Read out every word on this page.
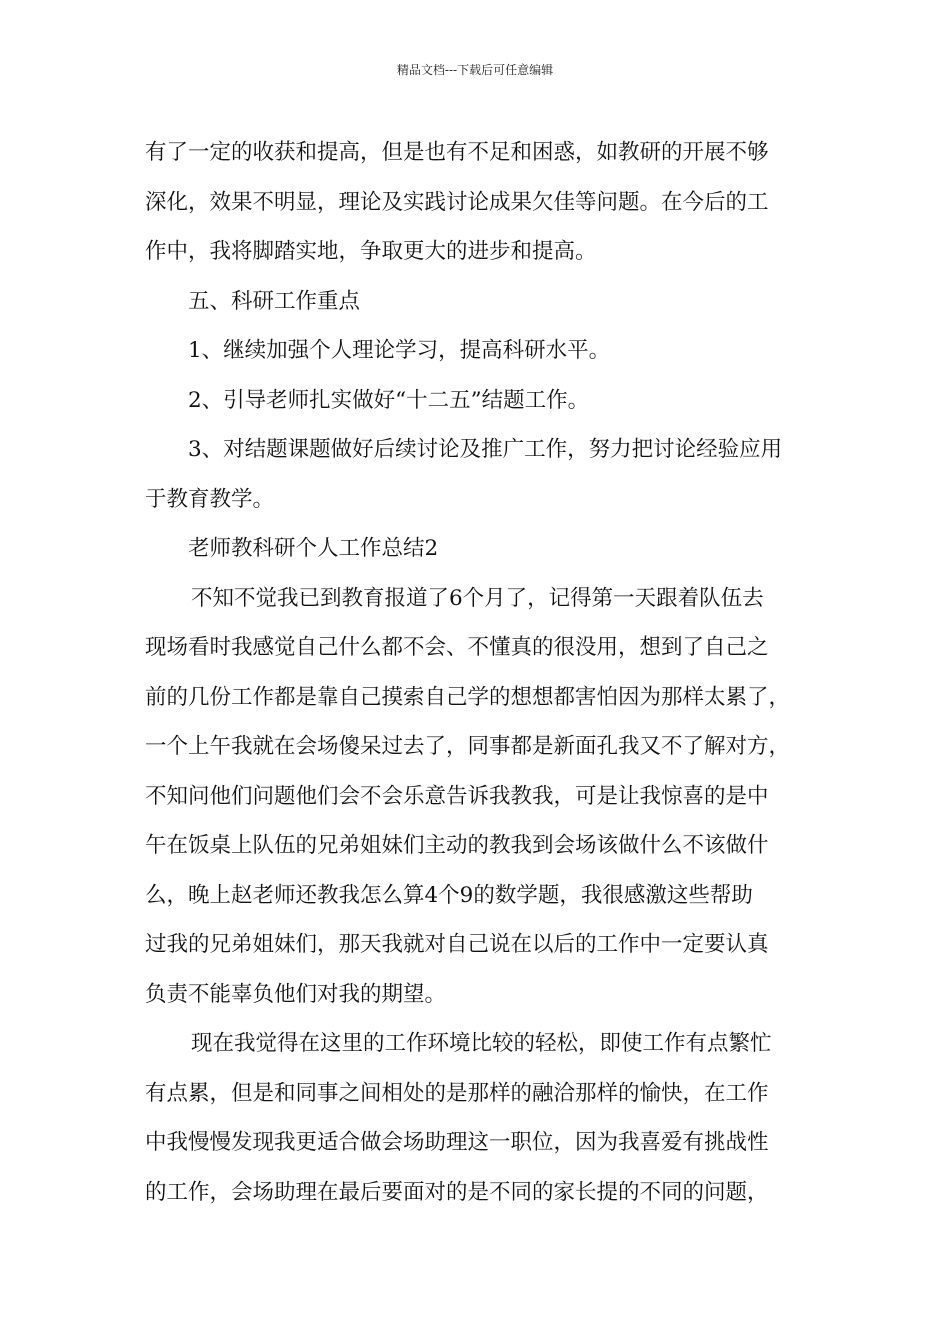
精品文档---下载后可任意编辑
有了一定的收获和提高，但是也有不足和困惑，如教研的开展不够
深化，效果不明显，理论及实践讨论成果欠佳等问题。在今后的工
作中，我将脚踏实地，争取更大的进步和提高。
五、科研工作重点
1、继续加强个人理论学习，提高科研水平。
2、引导老师扎实做好“十二五”结题工作。
3、对结题课题做好后续讨论及推广工作，努力把讨论经验应用
于教育教学。
老师教科研个人工作总结2
不知不觉我已到教育报道了6个月了，记得第一天跟着队伍去
现场看时我感觉自己什么都不会、不懂真的很没用，想到了自己之
前的几份工作都是靠自己摸索自己学的想想都害怕因为那样太累了，
一个上午我就在会场傻呆过去了，同事都是新面孔我又不了解对方，
不知问他们问题他们会不会乐意告诉我教我，可是让我惊喜的是中
午在饭桌上队伍的兄弟姐妹们主动的教我到会场该做什么不该做什
么，晚上赵老师还教我怎么算4个9的数学题，我很感激这些帮助
过我的兄弟姐妹们，那天我就对自己说在以后的工作中一定要认真
负责不能辜负他们对我的期望。
现在我觉得在这里的工作环境比较的轻松，即使工作有点繁忙
有点累，但是和同事之间相处的是那样的融洽那样的愉快，在工作
中我慢慢发现我更适合做会场助理这一职位，因为我喜爱有挑战性
的工作，会场助理在最后要面对的是不同的家长提的不同的问题，
